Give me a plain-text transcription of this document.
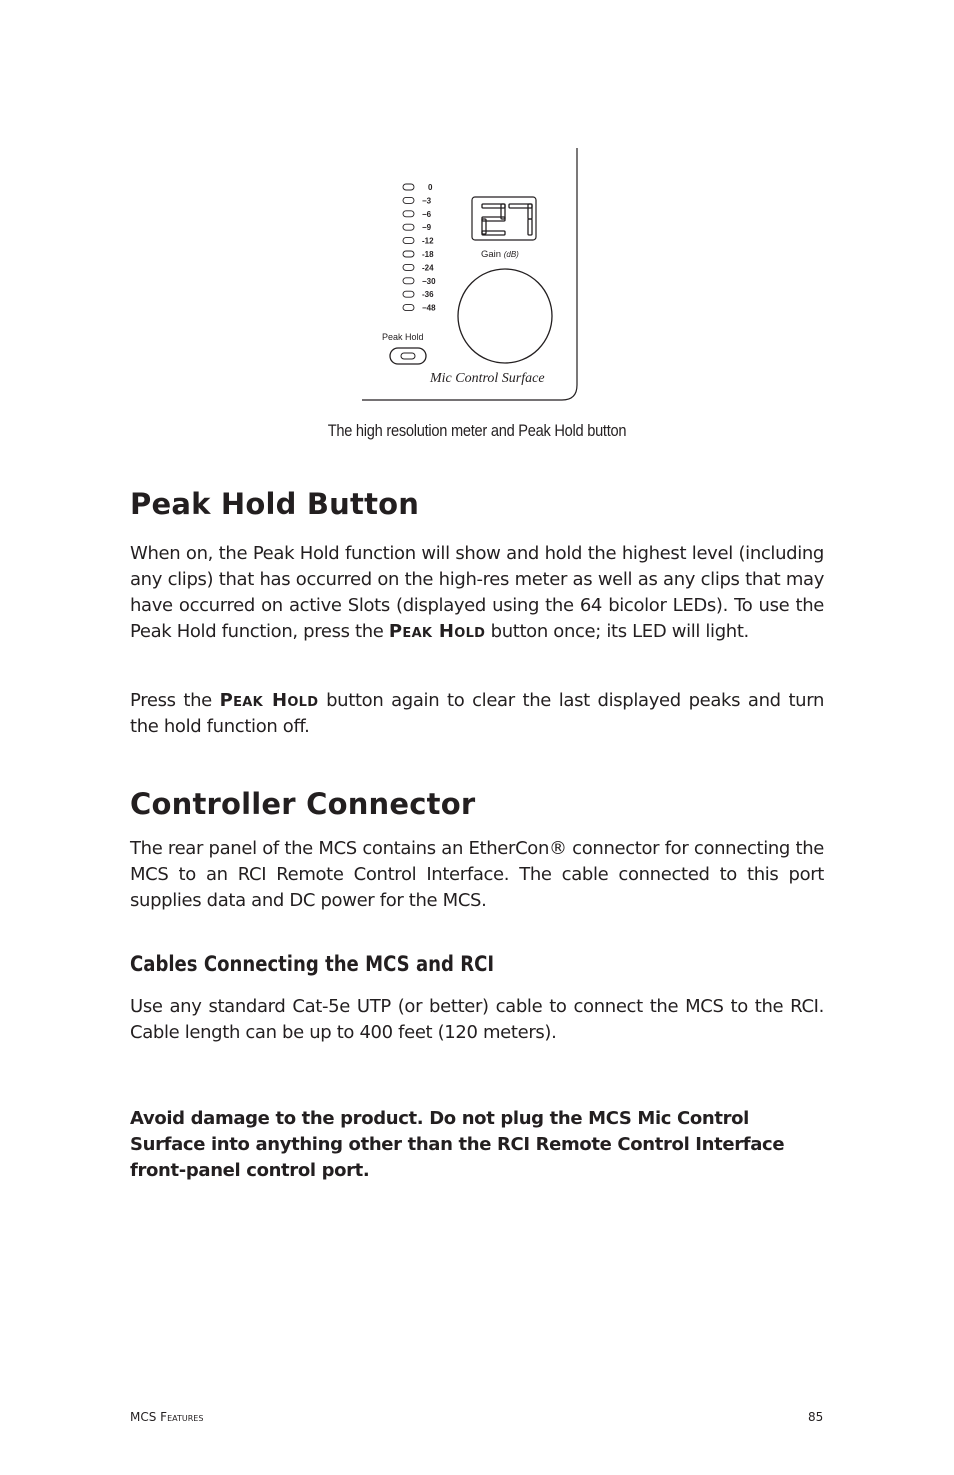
0
−3
−6
−9
-12
-18
-24
−30
-36
−48
Gain (dB)
Peak Hold
Mic Control Surface
The high resolution meter and Peak Hold button
Peak Hold Button

When on, the Peak Hold function will show and hold the highest level (including any clips) that has occurred on the high-res meter as well as any clips that may have occurred on active Slots (displayed using the 64 bicolor LEDs). To use the Peak Hold function, press the Peak Hold button once; its LED will light.

Press the Peak Hold button again to clear the last displayed peaks and turn the hold function off.

Controller Connector

The rear panel of the MCS contains an EtherCon® connector for connecting the MCS to an RCI Remote Control Interface. The cable connected to this port supplies data and DC power for the MCS.

Cables Connecting the MCS and RCI

Use any standard Cat-5e UTP (or better) cable to connect the MCS to the RCI. Cable length can be up to 400 feet (120 meters).

Avoid damage to the product. Do not plug the MCS Mic Control Surface into anything other than the RCI Remote Control Interface front-panel control port.

MCS Features	85
